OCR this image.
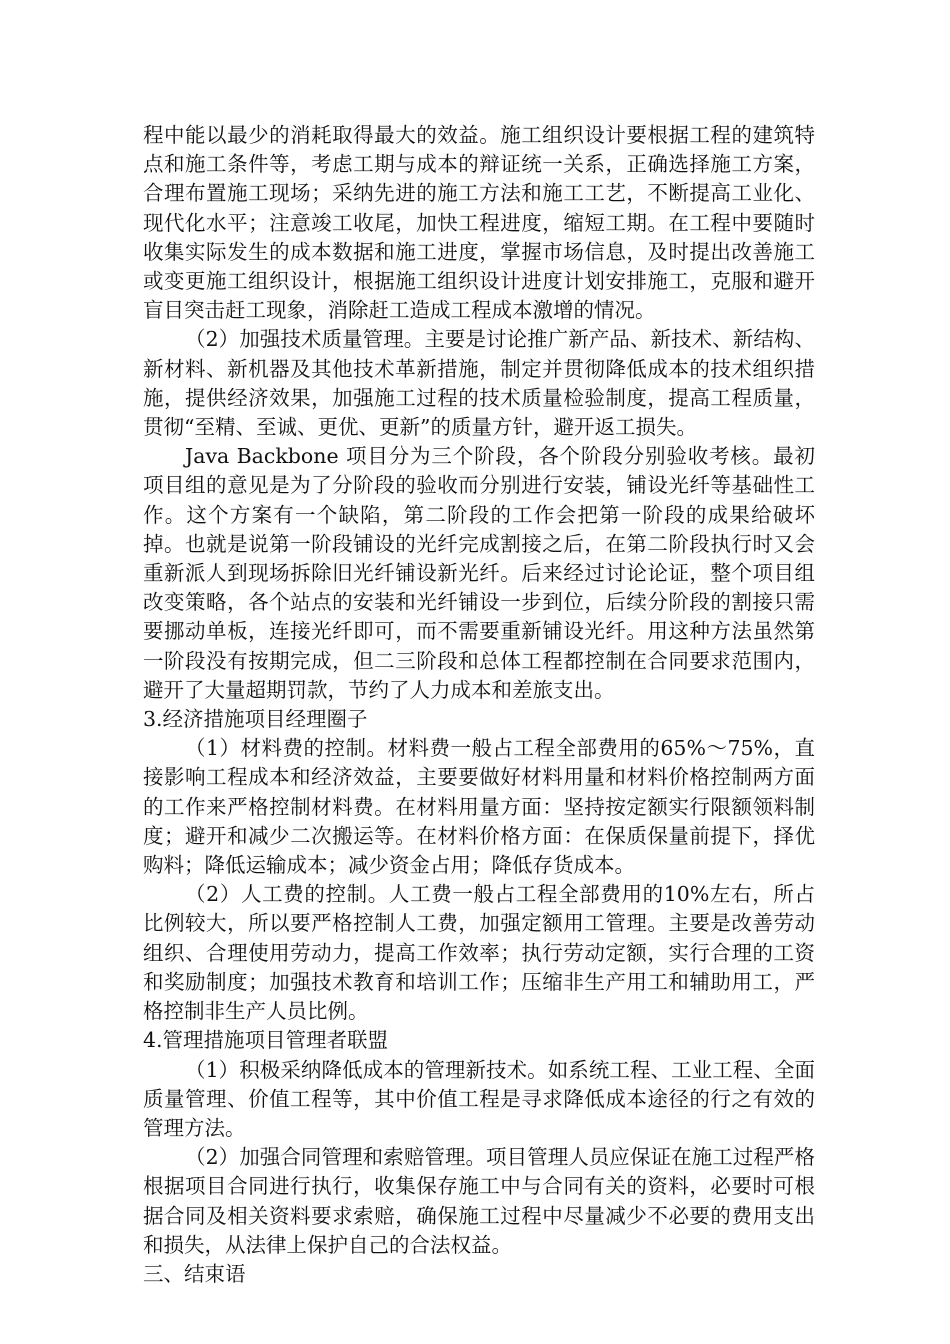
程中能以最少的消耗取得最大的效益。施工组织设计要根据工程的建筑特点和施工条件等，考虑工期与成本的辩证统一关系，正确选择施工方案，合理布置施工现场；采纳先进的施工方法和施工工艺，不断提高工业化、现代化水平；注意竣工收尾，加快工程进度，缩短工期。在工程中要随时收集实际发生的成本数据和施工进度，掌握市场信息，及时提出改善施工或变更施工组织设计，根据施工组织设计进度计划安排施工，克服和避开盲目突击赶工现象，消除赶工造成工程成本激增的情况。

（2）加强技术质量管理。主要是讨论推广新产品、新技术、新结构、新材料、新机器及其他技术革新措施，制定并贯彻降低成本的技术组织措施，提供经济效果，加强施工过程的技术质量检验制度，提高工程质量，贯彻“至精、至诚、更优、更新”的质量方针，避开返工损失。

Java Backbone 项目分为三个阶段，各个阶段分别验收考核。最初项目组的意见是为了分阶段的验收而分别进行安装，铺设光纤等基础性工作。这个方案有一个缺陷，第二阶段的工作会把第一阶段的成果给破坏掉。也就是说第一阶段铺设的光纤完成割接之后，在第二阶段执行时又会重新派人到现场拆除旧光纤铺设新光纤。后来经过讨论论证，整个项目组改变策略，各个站点的安装和光纤铺设一步到位，后续分阶段的割接只需要挪动单板，连接光纤即可，而不需要重新铺设光纤。用这种方法虽然第一阶段没有按期完成，但二三阶段和总体工程都控制在合同要求范围内，避开了大量超期罚款，节约了人力成本和差旅支出。

3.经济措施项目经理圈子

（1）材料费的控制。材料费一般占工程全部费用的65%～75%，直接影响工程成本和经济效益，主要要做好材料用量和材料价格控制两方面的工作来严格控制材料费。在材料用量方面：坚持按定额实行限额领料制度；避开和减少二次搬运等。在材料价格方面：在保质保量前提下，择优购料；降低运输成本；减少资金占用；降低存货成本。

（2）人工费的控制。人工费一般占工程全部费用的10%左右，所占比例较大，所以要严格控制人工费，加强定额用工管理。主要是改善劳动组织、合理使用劳动力，提高工作效率；执行劳动定额，实行合理的工资和奖励制度；加强技术教育和培训工作；压缩非生产用工和辅助用工，严格控制非生产人员比例。

4.管理措施项目管理者联盟

（1）积极采纳降低成本的管理新技术。如系统工程、工业工程、全面质量管理、价值工程等，其中价值工程是寻求降低成本途径的行之有效的管理方法。

（2）加强合同管理和索赔管理。项目管理人员应保证在施工过程严格根据项目合同进行执行，收集保存施工中与合同有关的资料，必要时可根据合同及相关资料要求索赔，确保施工过程中尽量减少不必要的费用支出和损失，从法律上保护自己的合法权益。

三、结束语
